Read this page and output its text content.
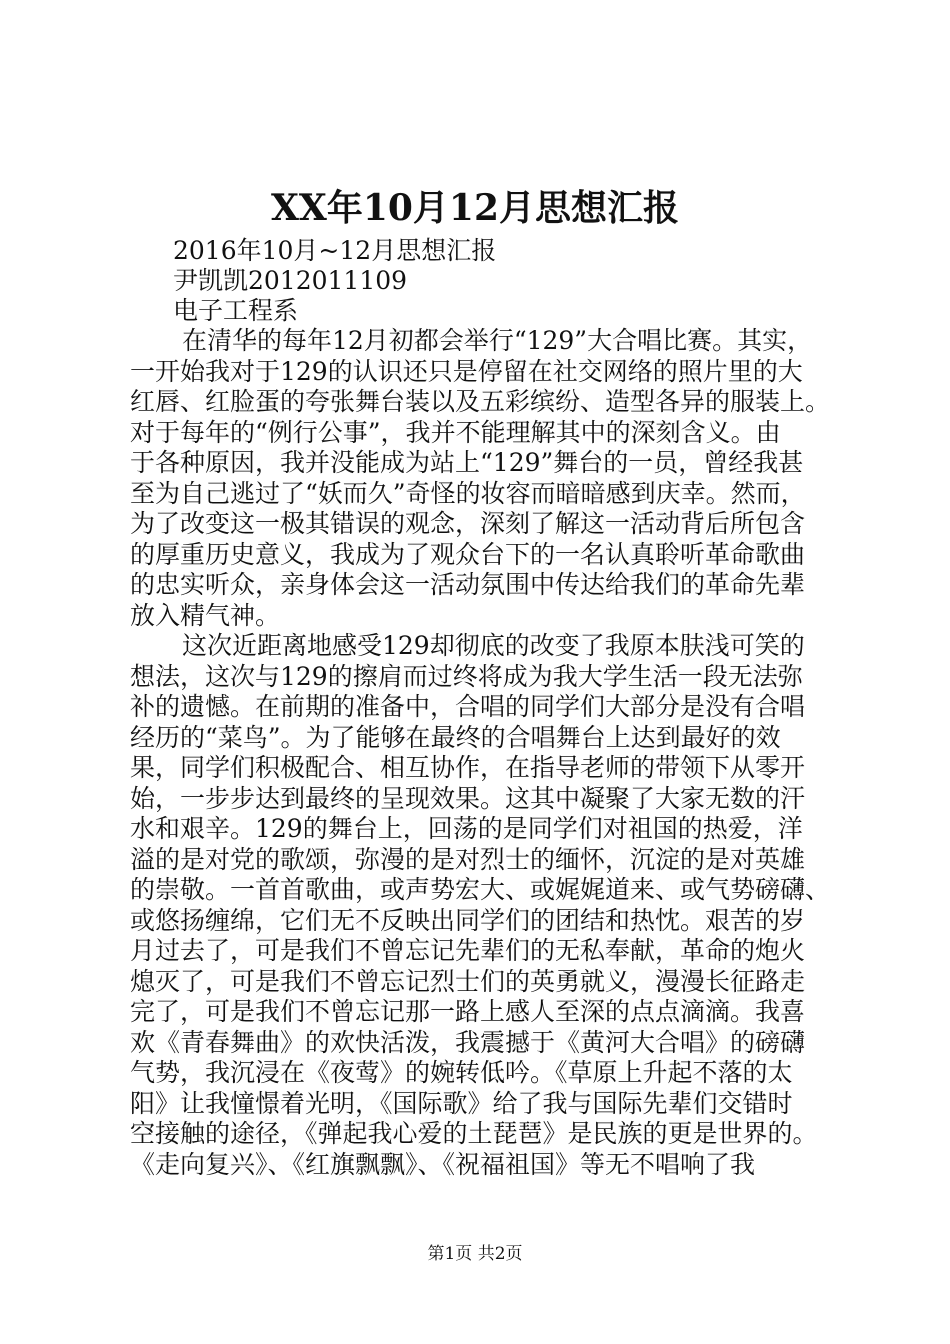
XX年10月12月思想汇报
2016年10月~12月思想汇报
尹凯凯2012011109
电子工程系
在清华的每年12月初都会举行“129”大合唱比赛。其实，
一开始我对于129的认识还只是停留在社交网络的照片里的大
红唇、红脸蛋的夸张舞台装以及五彩缤纷、造型各异的服装上。
对于每年的“例行公事”，我并不能理解其中的深刻含义。由
于各种原因，我并没能成为站上“129”舞台的一员，曾经我甚
至为自己逃过了“妖而久”奇怪的妆容而暗暗感到庆幸。然而，
为了改变这一极其错误的观念，深刻了解这一活动背后所包含
的厚重历史意义，我成为了观众台下的一名认真聆听革命歌曲
的忠实听众，亲身体会这一活动氛围中传达给我们的革命先辈
放入精气神。
这次近距离地感受129却彻底的改变了我原本肤浅可笑的
想法，这次与129的擦肩而过终将成为我大学生活一段无法弥
补的遗憾。在前期的准备中，合唱的同学们大部分是没有合唱
经历的“菜鸟”。为了能够在最终的合唱舞台上达到最好的效
果，同学们积极配合、相互协作，在指导老师的带领下从零开
始，一步步达到最终的呈现效果。这其中凝聚了大家无数的汗
水和艰辛。129的舞台上，回荡的是同学们对祖国的热爱，洋
溢的是对党的歌颂，弥漫的是对烈士的缅怀，沉淀的是对英雄
的崇敬。一首首歌曲，或声势宏大、或娓娓道来、或气势磅礴、
或悠扬缠绵，它们无不反映出同学们的团结和热忱。艰苦的岁
月过去了，可是我们不曾忘记先辈们的无私奉献，革命的炮火
熄灭了，可是我们不曾忘记烈士们的英勇就义，漫漫长征路走
完了，可是我们不曾忘记那一路上感人至深的点点滴滴。我喜
欢《青春舞曲》的欢快活泼，我震撼于《黄河大合唱》的磅礴
气势，我沉浸在《夜莺》的婉转低吟。《草原上升起不落的太
阳》让我憧憬着光明，《国际歌》给了我与国际先辈们交错时
空接触的途径，《弹起我心爱的土琵琶》是民族的更是世界的。
《走向复兴》、《红旗飘飘》、《祝福祖国》等无不唱响了我
第1页 共2页
